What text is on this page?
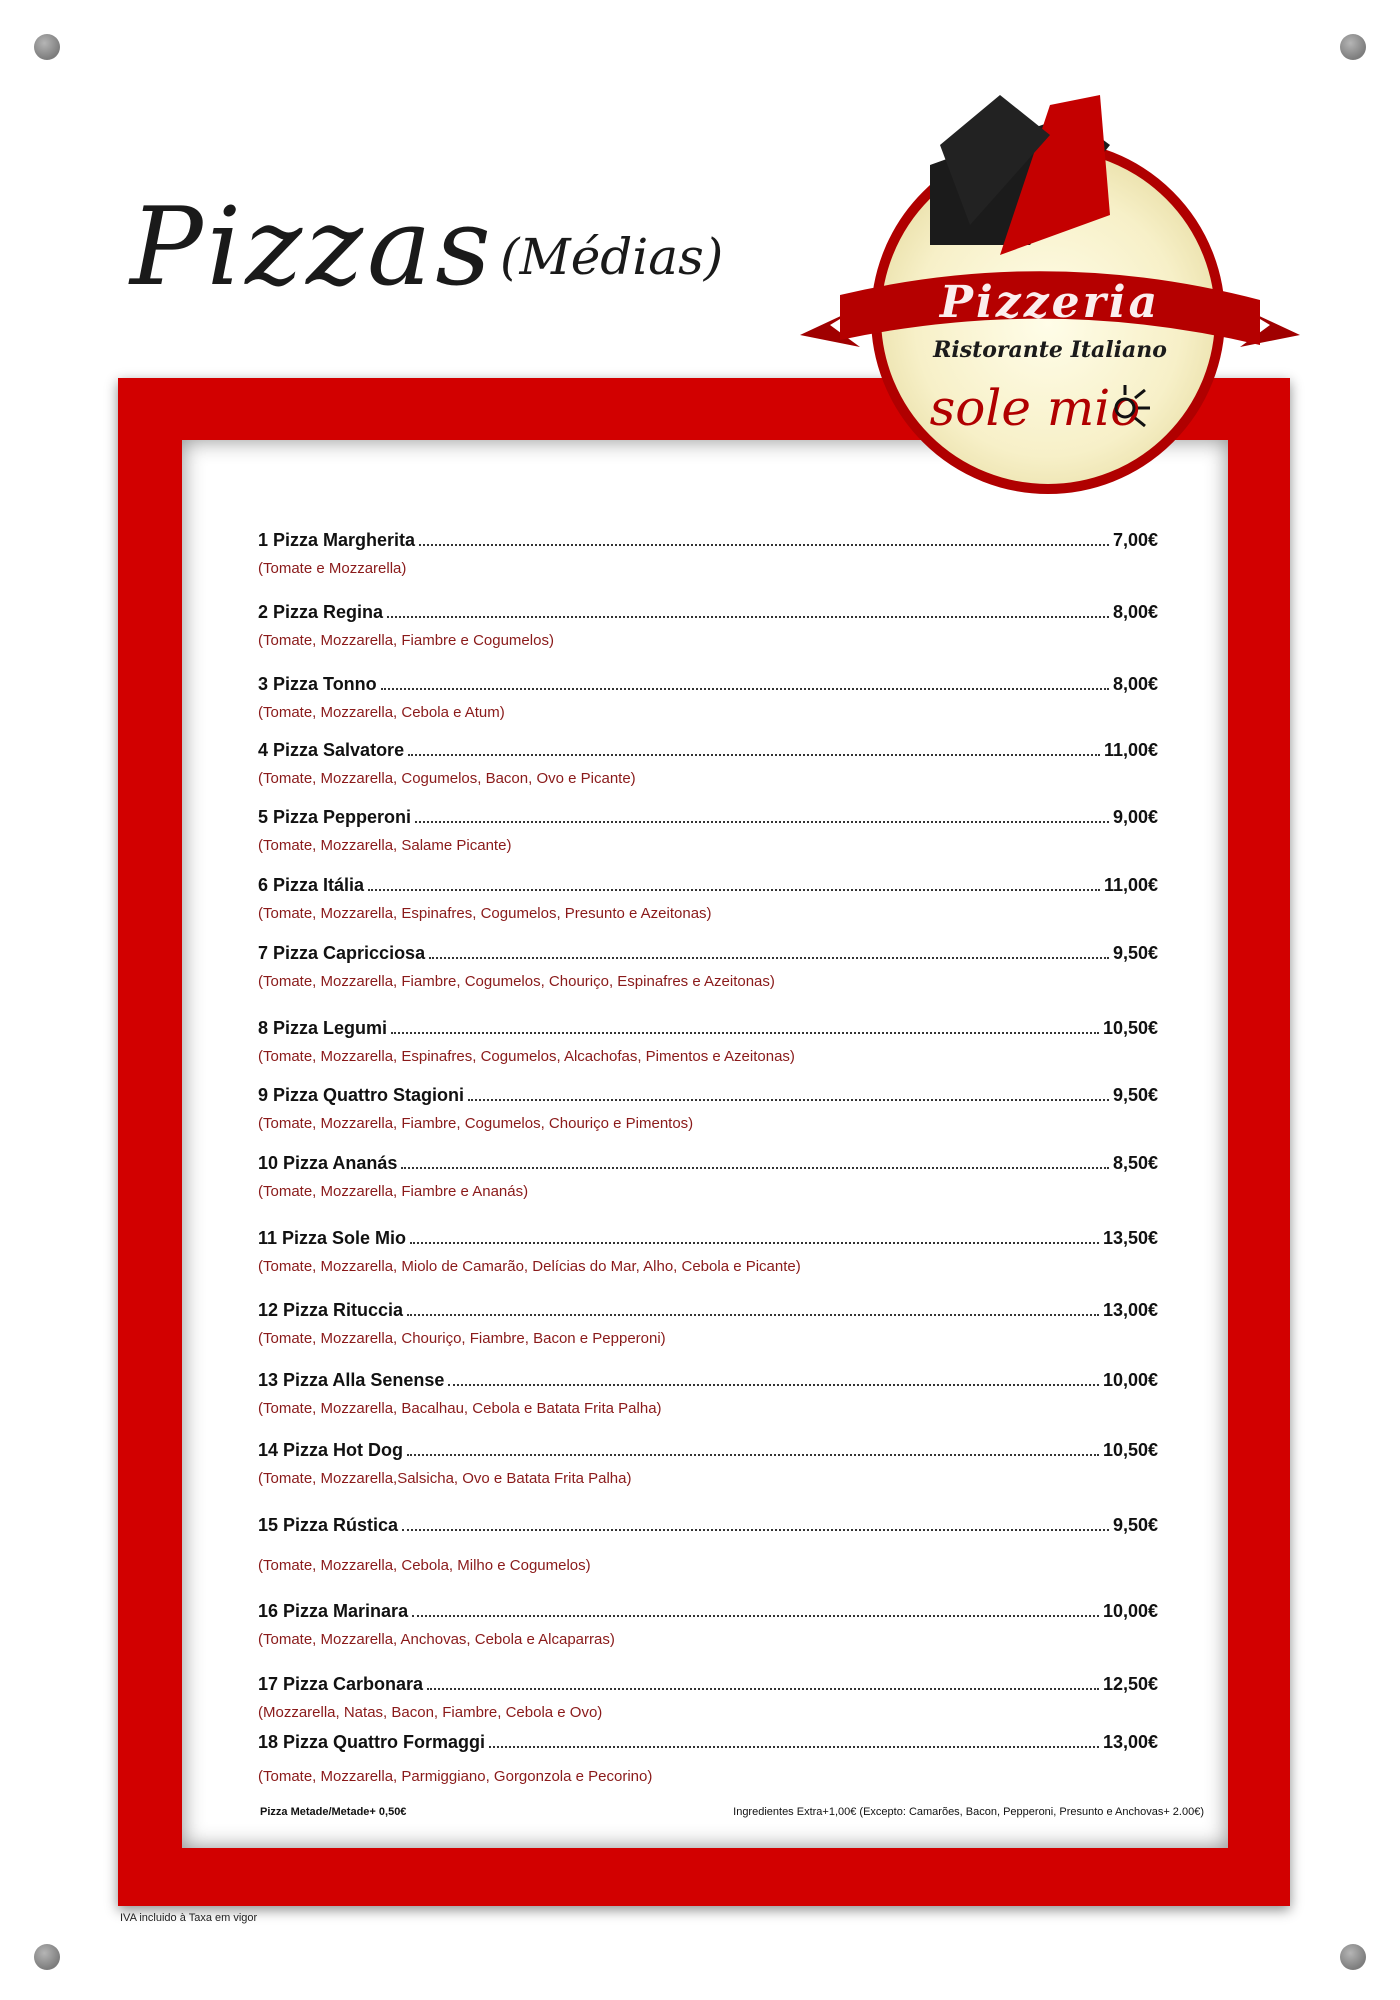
Pizzas (Médias)
Pizzeria
Ristorante Italiano
sole mio
1 Pizza Margherita	7,00€
(Tomate e Mozzarella)
2 Pizza Regina	8,00€
(Tomate, Mozzarella, Fiambre e Cogumelos)
3 Pizza Tonno	8,00€
(Tomate, Mozzarella, Cebola e Atum)
4 Pizza Salvatore	11,00€
(Tomate, Mozzarella, Cogumelos, Bacon, Ovo e Picante)
5 Pizza Pepperoni	9,00€
(Tomate, Mozzarella, Salame Picante)
6 Pizza Itália	11,00€
(Tomate, Mozzarella, Espinafres, Cogumelos, Presunto e Azeitonas)
7 Pizza Capricciosa	9,50€
(Tomate, Mozzarella, Fiambre, Cogumelos, Chouriço, Espinafres e Azeitonas)
8 Pizza Legumi	10,50€
(Tomate, Mozzarella, Espinafres, Cogumelos, Alcachofas, Pimentos e Azeitonas)
9 Pizza Quattro Stagioni	9,50€
(Tomate, Mozzarella, Fiambre, Cogumelos, Chouriço e Pimentos)
10 Pizza Ananás	8,50€
(Tomate, Mozzarella, Fiambre e Ananás)
11 Pizza Sole Mio	13,50€
(Tomate, Mozzarella, Miolo de Camarão, Delícias do Mar, Alho, Cebola e Picante)
12 Pizza Rituccia	13,00€
(Tomate, Mozzarella, Chouriço, Fiambre, Bacon e Pepperoni)
13 Pizza Alla Senense	10,00€
(Tomate, Mozzarella, Bacalhau, Cebola e Batata Frita Palha)
14 Pizza Hot Dog	10,50€
(Tomate, Mozzarella,Salsicha, Ovo e Batata Frita Palha)
15 Pizza Rústica	9,50€
(Tomate, Mozzarella, Cebola, Milho e Cogumelos)
16 Pizza Marinara	10,00€
(Tomate, Mozzarella, Anchovas, Cebola e Alcaparras)
17 Pizza Carbonara	12,50€
(Mozzarella, Natas, Bacon, Fiambre, Cebola e Ovo)
18 Pizza Quattro Formaggi	13,00€
(Tomate, Mozzarella, Parmiggiano, Gorgonzola e Pecorino)
Pizza Metade/Metade+ 0,50€	Ingredientes Extra+1,00€ (Excepto: Camarões, Bacon, Pepperoni, Presunto e Anchovas+ 2.00€)
IVA incluido à Taxa em vigor
